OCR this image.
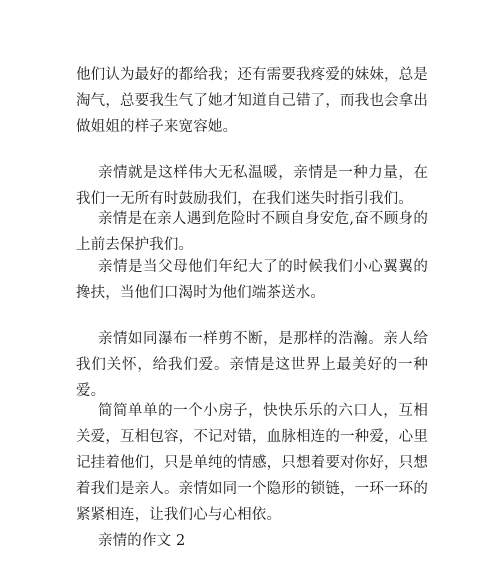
他们认为最好的都给我；还有需要我疼爱的妹妹，总是淘气，总要我生气了她才知道自己错了，而我也会拿出做姐姐的样子来宽容她。

亲情就是这样伟大无私温暖，亲情是一种力量，在我们一无所有时鼓励我们，在我们迷失时指引我们。

亲情是在亲人遇到危险时不顾自身安危,奋不顾身的上前去保护我们。

亲情是当父母他们年纪大了的时候我们小心翼翼的搀扶，当他们口渴时为他们端茶送水。

亲情如同瀑布一样剪不断，是那样的浩瀚。亲人给我们关怀，给我们爱。亲情是这世界上最美好的一种爱。

简简单单的一个小房子，快快乐乐的六口人，互相关爱，互相包容，不记对错，血脉相连的一种爱，心里记挂着他们，只是单纯的情感，只想着要对你好，只想着我们是亲人。亲情如同一个隐形的锁链，一环一环的紧紧相连，让我们心与心相依。

亲情的作文 2
